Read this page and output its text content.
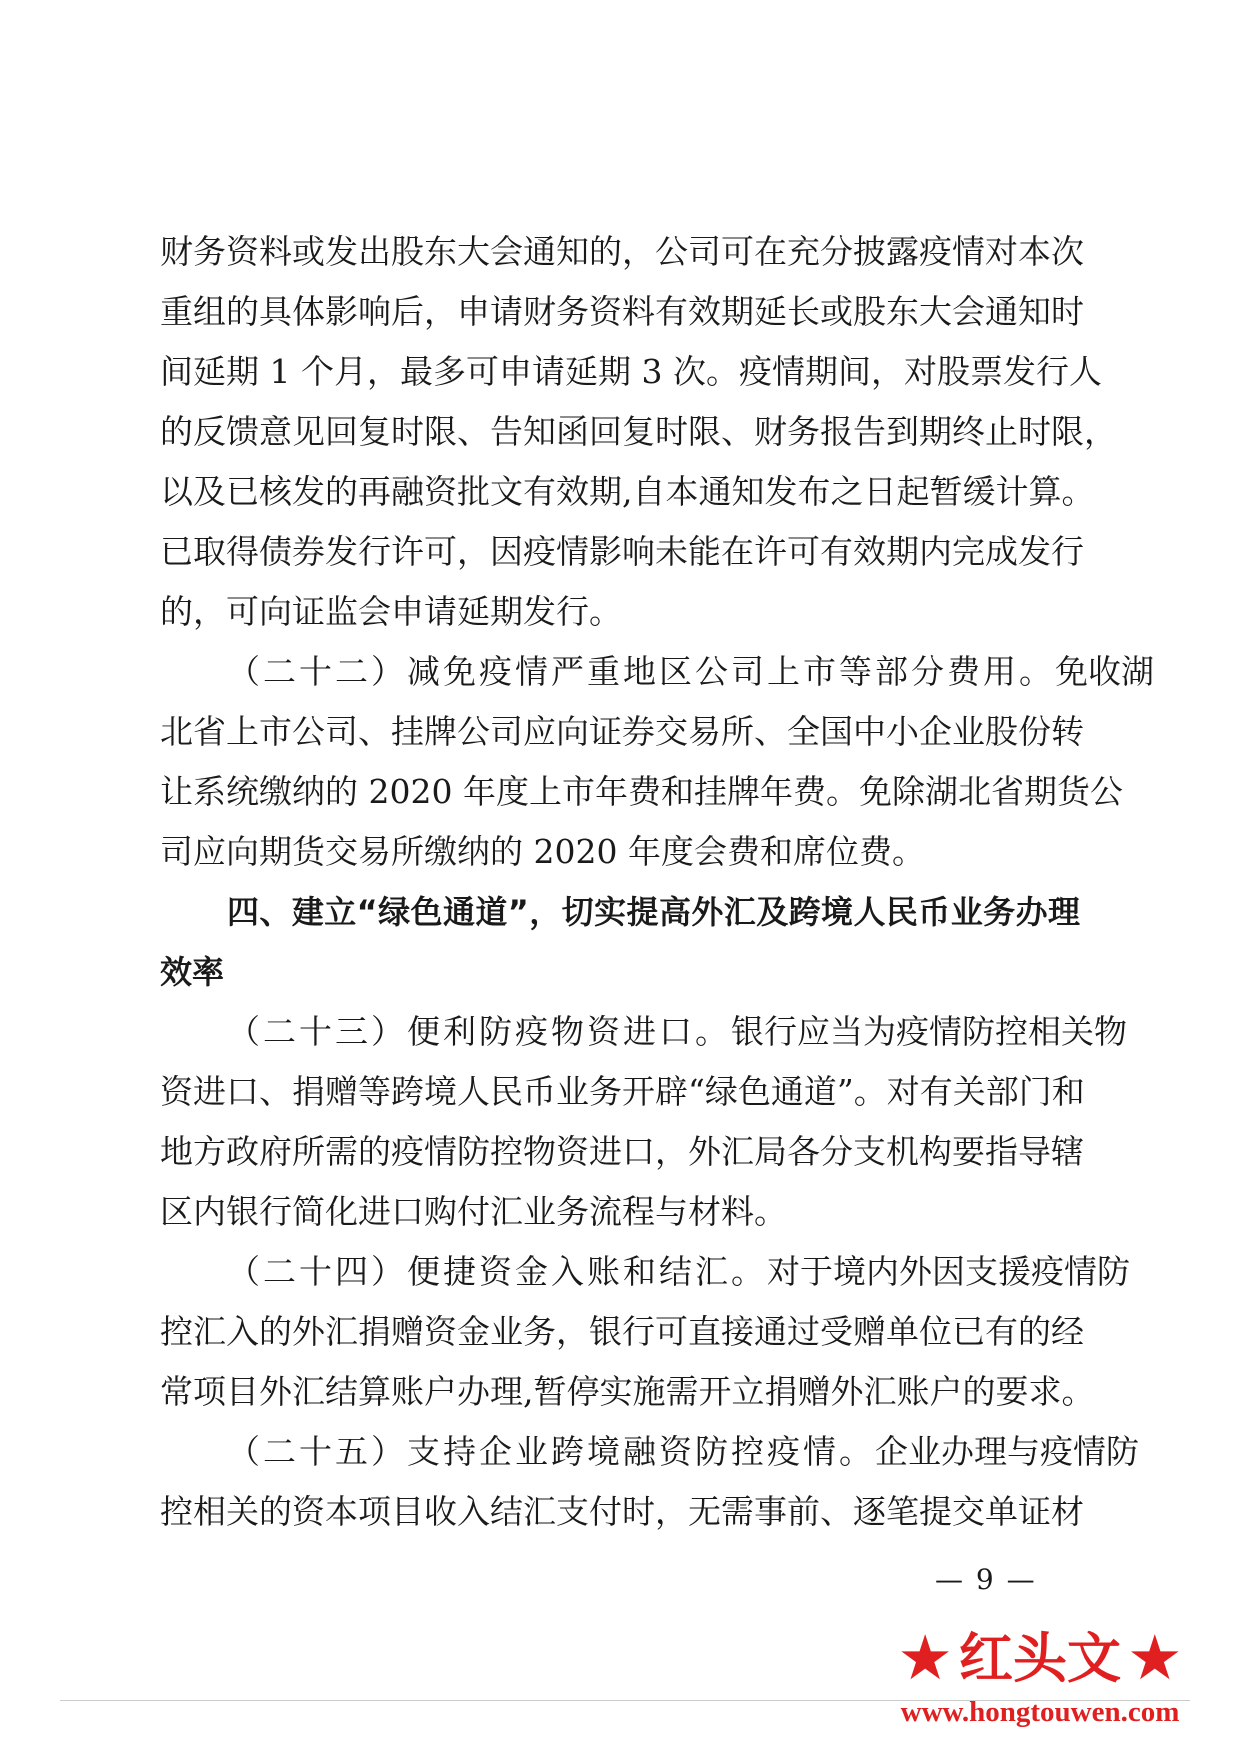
财务资料或发出股东大会通知的，公司可在充分披露疫情对本次
重组的具体影响后，申请财务资料有效期延长或股东大会通知时
间延期 1 个月，最多可申请延期 3 次。疫情期间，对股票发行人
的反馈意见回复时限、告知函回复时限、财务报告到期终止时限，
以及已核发的再融资批文有效期,自本通知发布之日起暂缓计算。
已取得债券发行许可，因疫情影响未能在许可有效期内完成发行
的，可向证监会申请延期发行。
（二十二）减免疫情严重地区公司上市等部分费用。免收湖
北省上市公司、挂牌公司应向证券交易所、全国中小企业股份转
让系统缴纳的 2020 年度上市年费和挂牌年费。免除湖北省期货公
司应向期货交易所缴纳的 2020 年度会费和席位费。
四、建立“绿色通道”，切实提高外汇及跨境人民币业务办理
效率
（二十三）便利防疫物资进口。银行应当为疫情防控相关物
资进口、捐赠等跨境人民币业务开辟“绿色通道”。对有关部门和
地方政府所需的疫情防控物资进口，外汇局各分支机构要指导辖
区内银行简化进口购付汇业务流程与材料。
（二十四）便捷资金入账和结汇。对于境内外因支援疫情防
控汇入的外汇捐赠资金业务，银行可直接通过受赠单位已有的经
常项目外汇结算账户办理,暂停实施需开立捐赠外汇账户的要求。
（二十五）支持企业跨境融资防控疫情。企业办理与疫情防
控相关的资本项目收入结汇支付时，无需事前、逐笔提交单证材
— 9 —
★ 红头文 ★
www.hongtouwen.com
